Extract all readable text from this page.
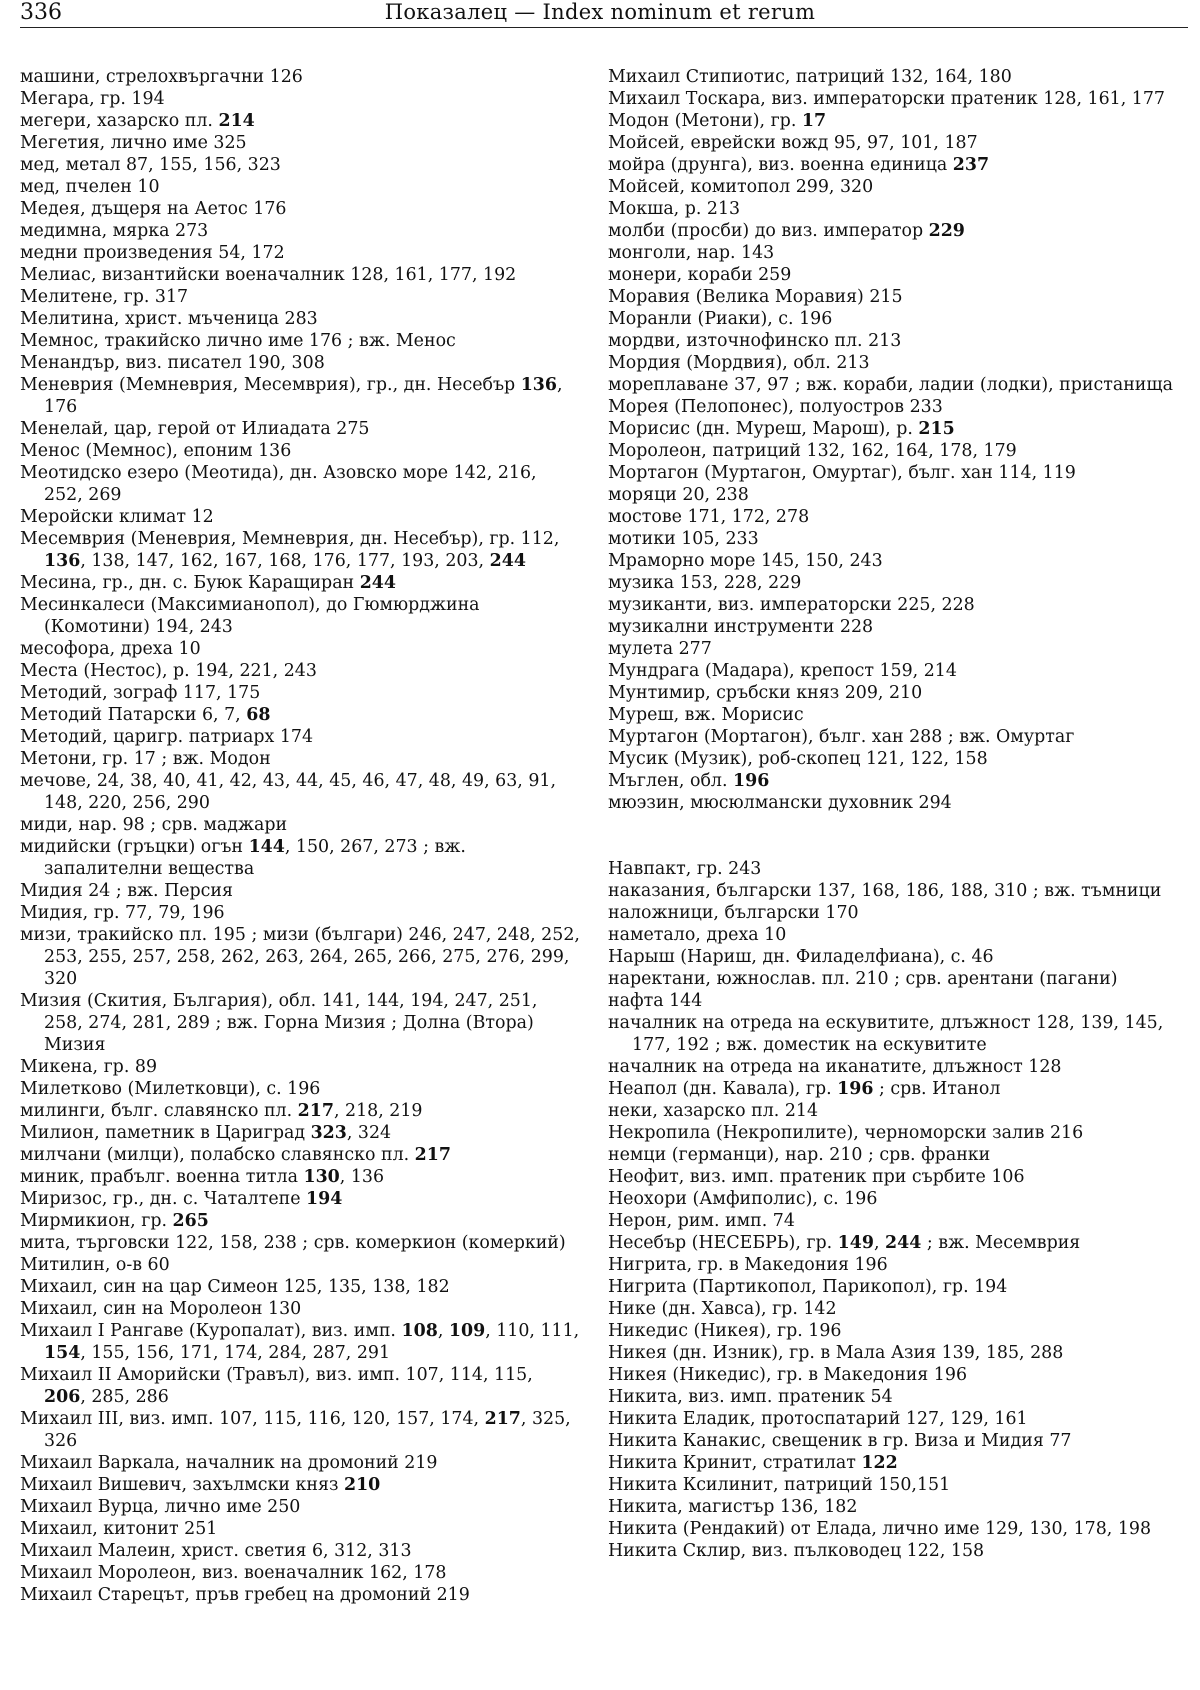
336	Показалец — Index nominum et rerum

машини, стрелохвъргачни 126

Мегара, гр. 194

мегери, хазарско пл. 214

Мегетия, лично име 325

мед, метал 87, 155, 156, 323

мед, пчелен 10

Медея, дъщеря на Аетос 176

медимна, мярка 273

медни произведения 54, 172

Мелиас, византийски военачалник 128, 161, 177, 192

Мелитене, гр. 317

Мелитина, христ. мъченица 283

Мемнос, тракийско лично име 176 ; вж. Менос

Менандър, виз. писател 190, 308

Меневрия (Мемневрия, Месемврия), гр., дн. Несебър 136, 176

Менелай, цар, герой от Илиадата 275

Менос (Мемнос), епоним 136

Меотидско езеро (Меотида), дн. Азовско море 142, 216, 252, 269

Меройски климат 12

Месемврия (Меневрия, Мемневрия, дн. Несебър), гр. 112, 136, 138, 147, 162, 167, 168, 176, 177, 193, 203, 244

Месина, гр., дн. с. Буюк Каращиран 244

Месинкалеси (Максимианопол), до Гюмюрджина (Комотини) 194, 243

месофора, дреха 10

Места (Нестос), р. 194, 221, 243

Методий, зограф 117, 175

Методий Патарски 6, 7, 68

Методий, царигр. патриарх 174

Метони, гр. 17 ; вж. Модон

мечове, 24, 38, 40, 41, 42, 43, 44, 45, 46, 47, 48, 49, 63, 91, 148, 220, 256, 290

миди, нар. 98 ; срв. маджари

мидийски (гръцки) огън 144, 150, 267, 273 ; вж. запалителни вещества

Мидия 24 ; вж. Персия

Мидия, гр. 77, 79, 196

мизи, тракийско пл. 195 ; мизи (българи) 246, 247, 248, 252, 253, 255, 257, 258, 262, 263, 264, 265, 266, 275, 276, 299, 320

Мизия (Скития, България), обл. 141, 144, 194, 247, 251, 258, 274, 281, 289 ; вж. Горна Мизия ; Долна (Втора) Мизия

Микена, гр. 89

Милетково (Милетковци), с. 196

милинги, бълг. славянско пл. 217, 218, 219

Милион, паметник в Цариград 323, 324

милчани (милци), полабско славянско пл. 217

миник, прабълг. военна титла 130, 136

Миризос, гр., дн. с. Чаталтепе 194

Мирмикион, гр. 265

мита, търговски 122, 158, 238 ; срв. комеркион (комеркий)

Митилин, о-в 60

Михаил, син на цар Симеон 125, 135, 138, 182

Михаил, син на Моролеон 130

Михаил I Рангаве (Куропалат), виз. имп. 108, 109, 110, 111, 154, 155, 156, 171, 174, 284, 287, 291

Михаил II Аморийски (Травъл), виз. имп. 107, 114, 115, 206, 285, 286

Михаил III, виз. имп. 107, 115, 116, 120, 157, 174, 217, 325, 326

Михаил Варкала, началник на дромоний 219

Михаил Вишевич, захълмски княз 210

Михаил Вурца, лично име 250

Михаил, китонит 251

Михаил Малеин, христ. светия 6, 312, 313

Михаил Моролеон, виз. военачалник 162, 178

Михаил Старецът, пръв гребец на дромоний 219

Михаил Стипиотис, патриций 132, 164, 180

Михаил Тоскара, виз. императорски пратеник 128, 161, 177

Модон (Метони), гр. 17

Мойсей, еврейски вожд 95, 97, 101, 187

мойра (друнга), виз. военна единица 237

Мойсей, комитопол 299, 320

Мокша, р. 213

молби (просби) до виз. император 229

монголи, нар. 143

монери, кораби 259

Моравия (Велика Моравия) 215

Моранли (Риаки), с. 196

мордви, източнофинско пл. 213

Мордия (Мордвия), обл. 213

мореплаване 37, 97 ; вж. кораби, ладии (лодки), пристанища

Морея (Пелопонес), полуостров 233

Морисис (дн. Муреш, Марош), р. 215

Моролеон, патриций 132, 162, 164, 178, 179

Мортагон (Муртагон, Омуртаг), бълг. хан 114, 119

моряци 20, 238

мостове 171, 172, 278

мотики 105, 233

Мраморно море 145, 150, 243

музика 153, 228, 229

музиканти, виз. императорски 225, 228

музикални инструменти 228

мулета 277

Мундрага (Мадара), крепост 159, 214

Мунтимир, сръбски княз 209, 210

Муреш, вж. Морисис

Муртагон (Мортагон), бълг. хан 288 ; вж. Омуртаг

Мусик (Музик), роб-скопец 121, 122, 158

Мъглен, обл. 196

мюэзин, мюсюлмански духовник 294

Навпакт, гр. 243

наказания, български 137, 168, 186, 188, 310 ; вж. тъмници

наложници, български 170

наметало, дреха 10

Нарыш (Нариш, дн. Филаделфиана), с. 46

наректани, южнослав. пл. 210 ; срв. арентани (пагани)

нафта 144

началник на отреда на ескувитите, длъжност 128, 139, 145, 177, 192 ; вж. доместик на ескувитите

началник на отреда на иканатите, длъжност 128

Неапол (дн. Кавала), гр. 196 ; срв. Итанол

неки, хазарско пл. 214

Некропила (Некропилите), черноморски залив 216

немци (германци), нар. 210 ; срв. франки

Неофит, виз. имп. пратеник при сърбите 106

Неохори (Амфиполис), с. 196

Нерон, рим. имп. 74

Несебър (НЕСЕБРЬ), гр. 149, 244 ; вж. Месемврия

Нигрита, гр. в Македония 196

Нигрита (Партикопол, Парикопол), гр. 194

Нике (дн. Хавса), гр. 142

Никедис (Никея), гр. 196

Никея (дн. Изник), гр. в Мала Азия 139, 185, 288

Никея (Никедис), гр. в Македония 196

Никита, виз. имп. пратеник 54

Никита Еладик, протоспатарий 127, 129, 161

Никита Канакис, свещеник в гр. Виза и Мидия 77

Никита Кринит, стратилат 122

Никита Ксилинит, патриций 150,151

Никита, магистър 136, 182

Никита (Рендакий) от Елада, лично име 129, 130, 178, 198

Никита Склир, виз. пълководец 122, 158
